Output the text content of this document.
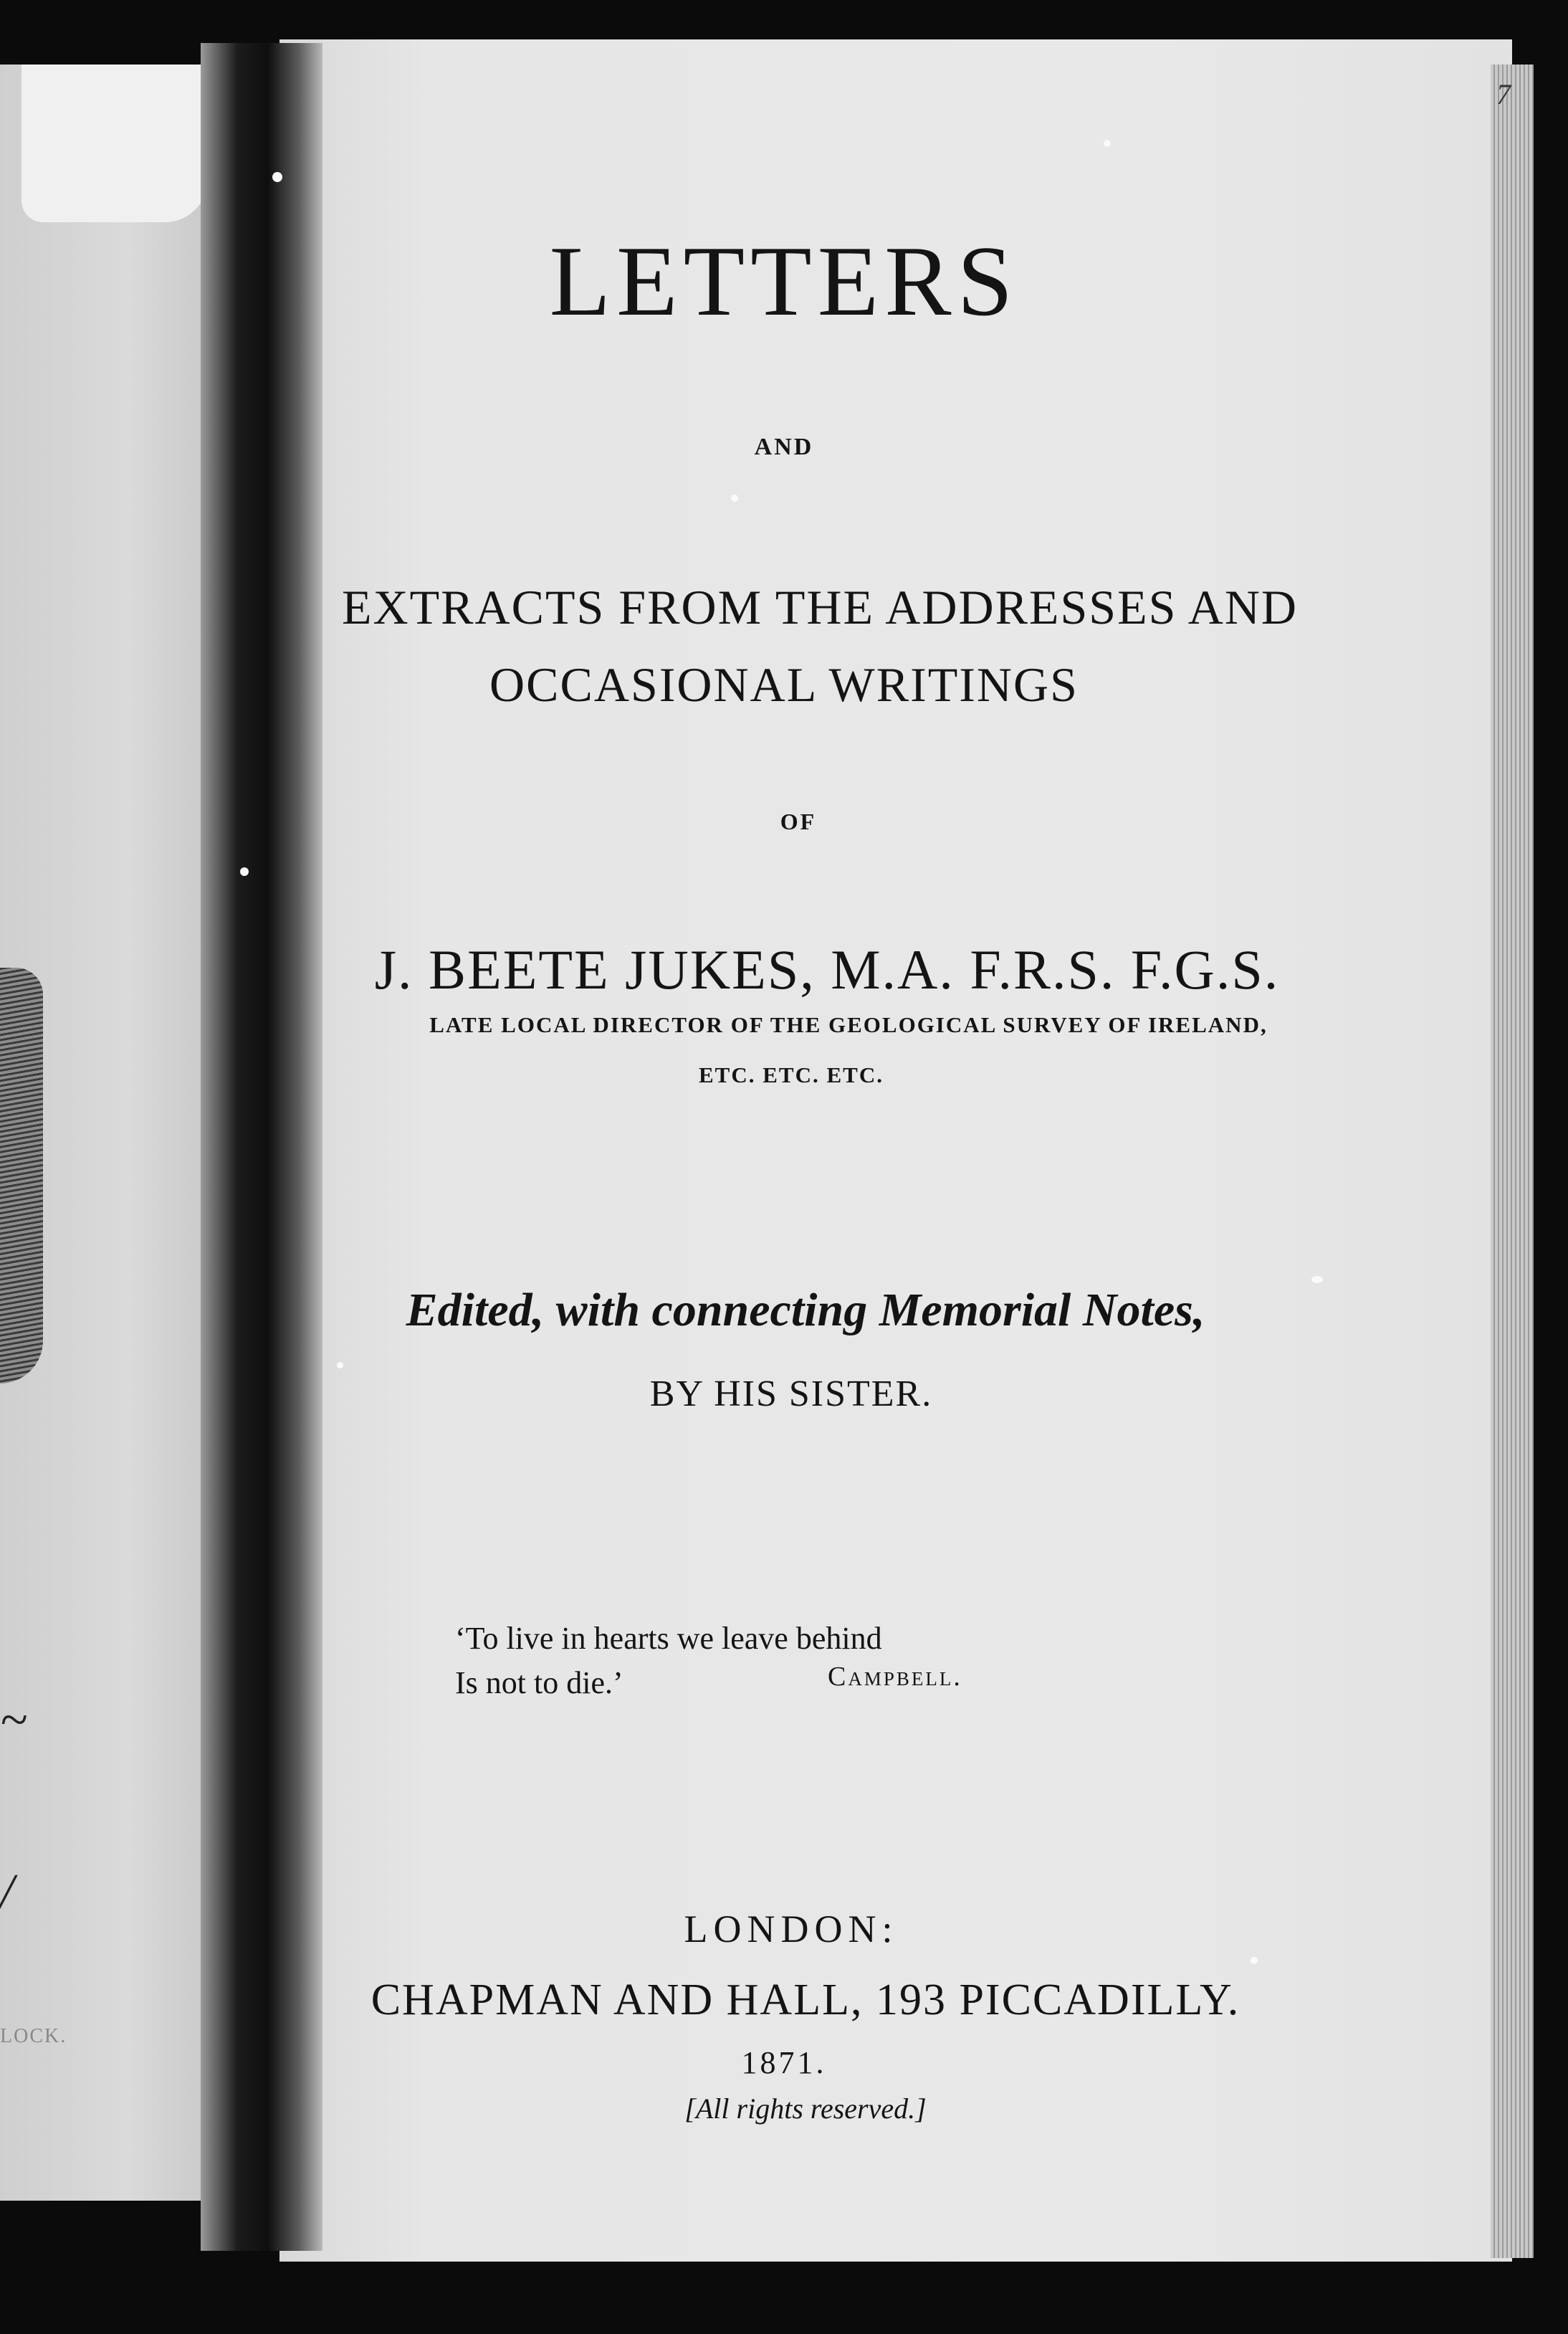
~
/
LOCK.
7
LETTERS
AND
EXTRACTS FROM THE ADDRESSES AND
OCCASIONAL WRITINGS
OF
J. BEETE JUKES, M.A. F.R.S. F.G.S.
LATE LOCAL DIRECTOR OF THE GEOLOGICAL SURVEY OF IRELAND,
ETC. ETC. ETC.
Edited, with connecting Memorial Notes,
BY HIS SISTER.
‘To live in hearts we leave behind
Is not to die.’	Campbell.
LONDON:
CHAPMAN AND HALL, 193 PICCADILLY.
1871.
[All rights reserved.]
